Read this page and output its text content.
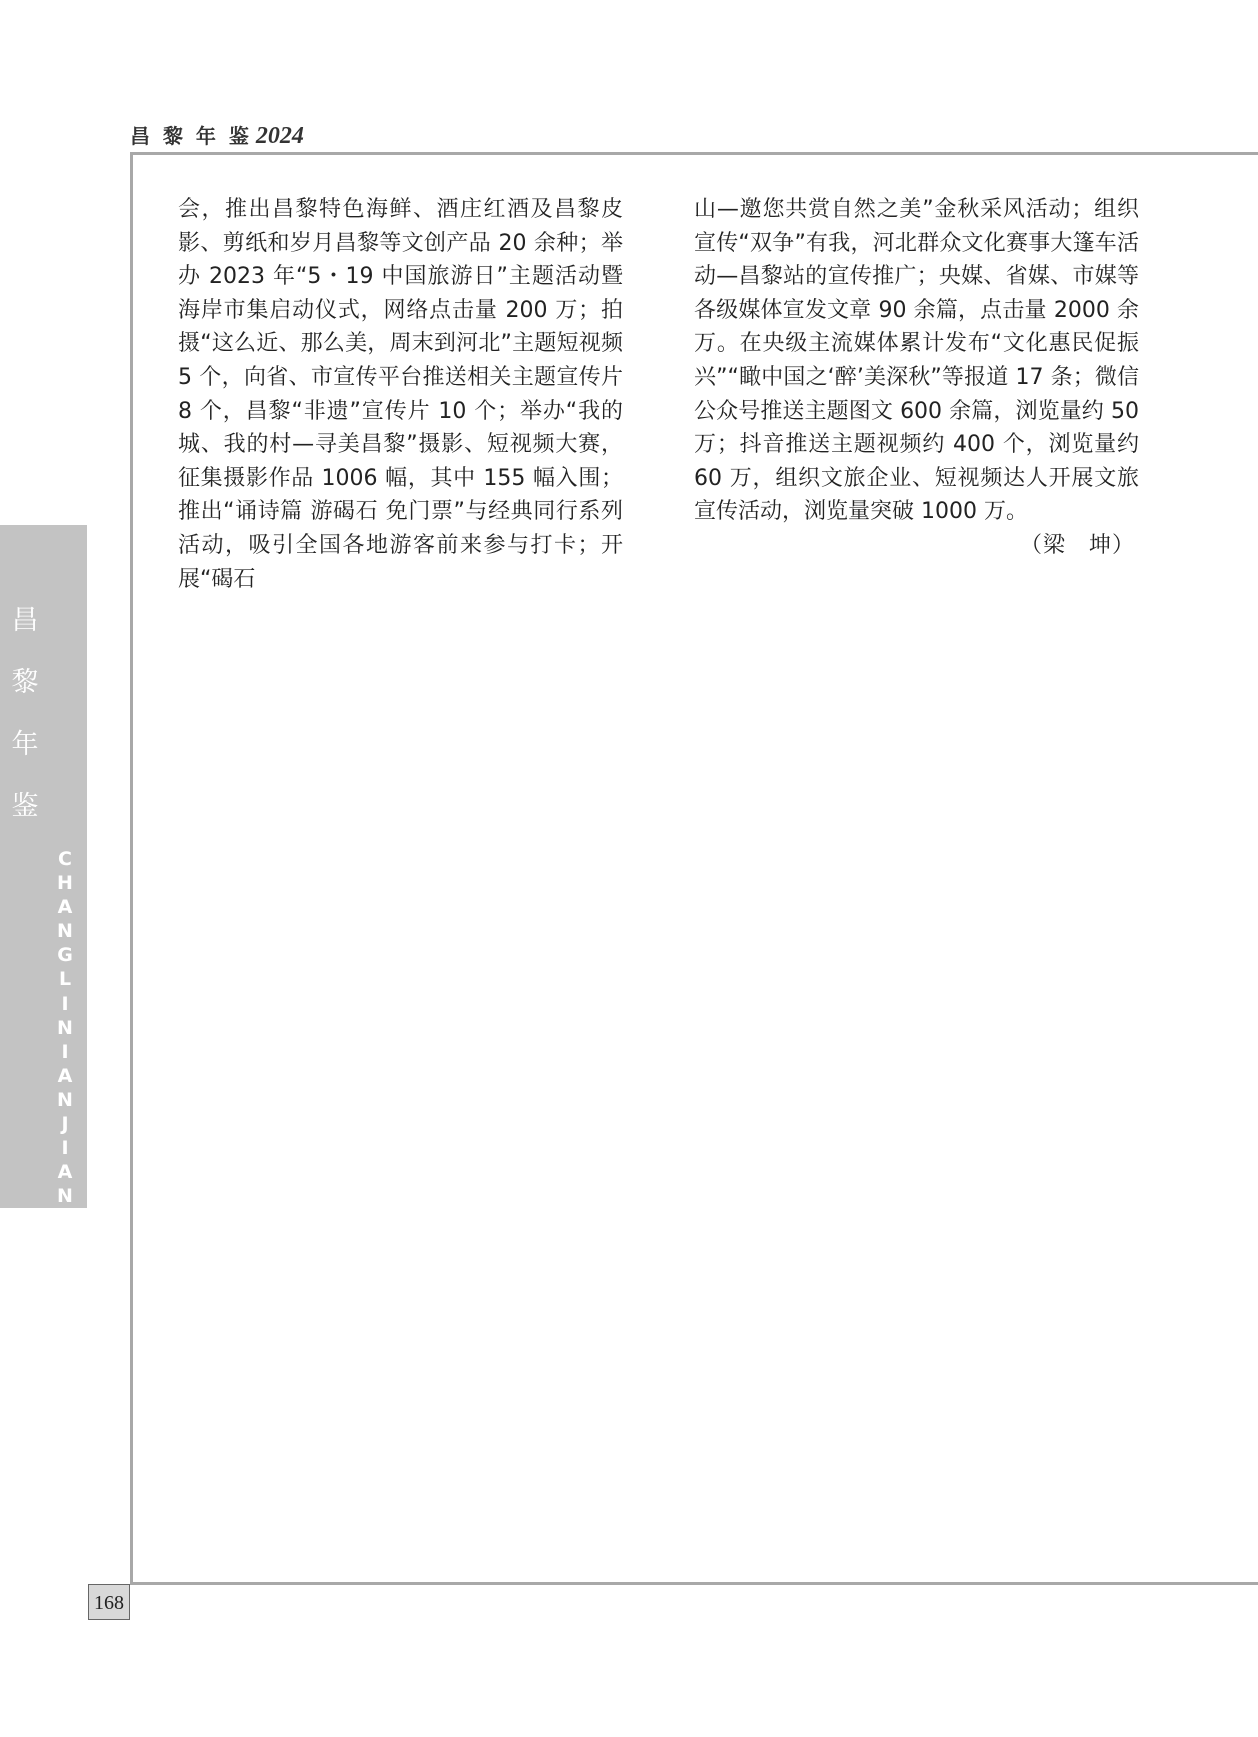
昌 黎 年 鉴 2024
昌
黎
年
鉴
C
H
A
N
G
L
I
N
I
A
N
J
I
A
N

会，推出昌黎特色海鲜、酒庄红酒及昌黎皮影、剪纸和岁月昌黎等文创产品 20 余种；举办 2023 年“5・19 中国旅游日”主题活动暨海岸市集启动仪式，网络点击量 200 万；拍摄“这么近、那么美，周末到河北”主题短视频 5 个，向省、市宣传平台推送相关主题宣传片 8 个，昌黎“非遗”宣传片 10 个；举办“我的城、我的村—寻美昌黎”摄影、短视频大赛，征集摄影作品 1006 幅，其中 155 幅入围；推出“诵诗篇 游碣石 免门票”与经典同行系列活动，吸引全国各地游客前来参与打卡；开展“碣石

山—邀您共赏自然之美”金秋采风活动；组织宣传“双争”有我，河北群众文化赛事大篷车活动—昌黎站的宣传推广；央媒、省媒、市媒等各级媒体宣发文章 90 余篇，点击量 2000 余万。在央级主流媒体累计发布“文化惠民促振兴”“瞰中国之‘醉’美深秋”等报道 17 条；微信公众号推送主题图文 600 余篇，浏览量约 50 万；抖音推送主题视频约 400 个，浏览量约 60 万，组织文旅企业、短视频达人开展文旅宣传活动，浏览量突破 1000 万。

（梁　坤）

168
